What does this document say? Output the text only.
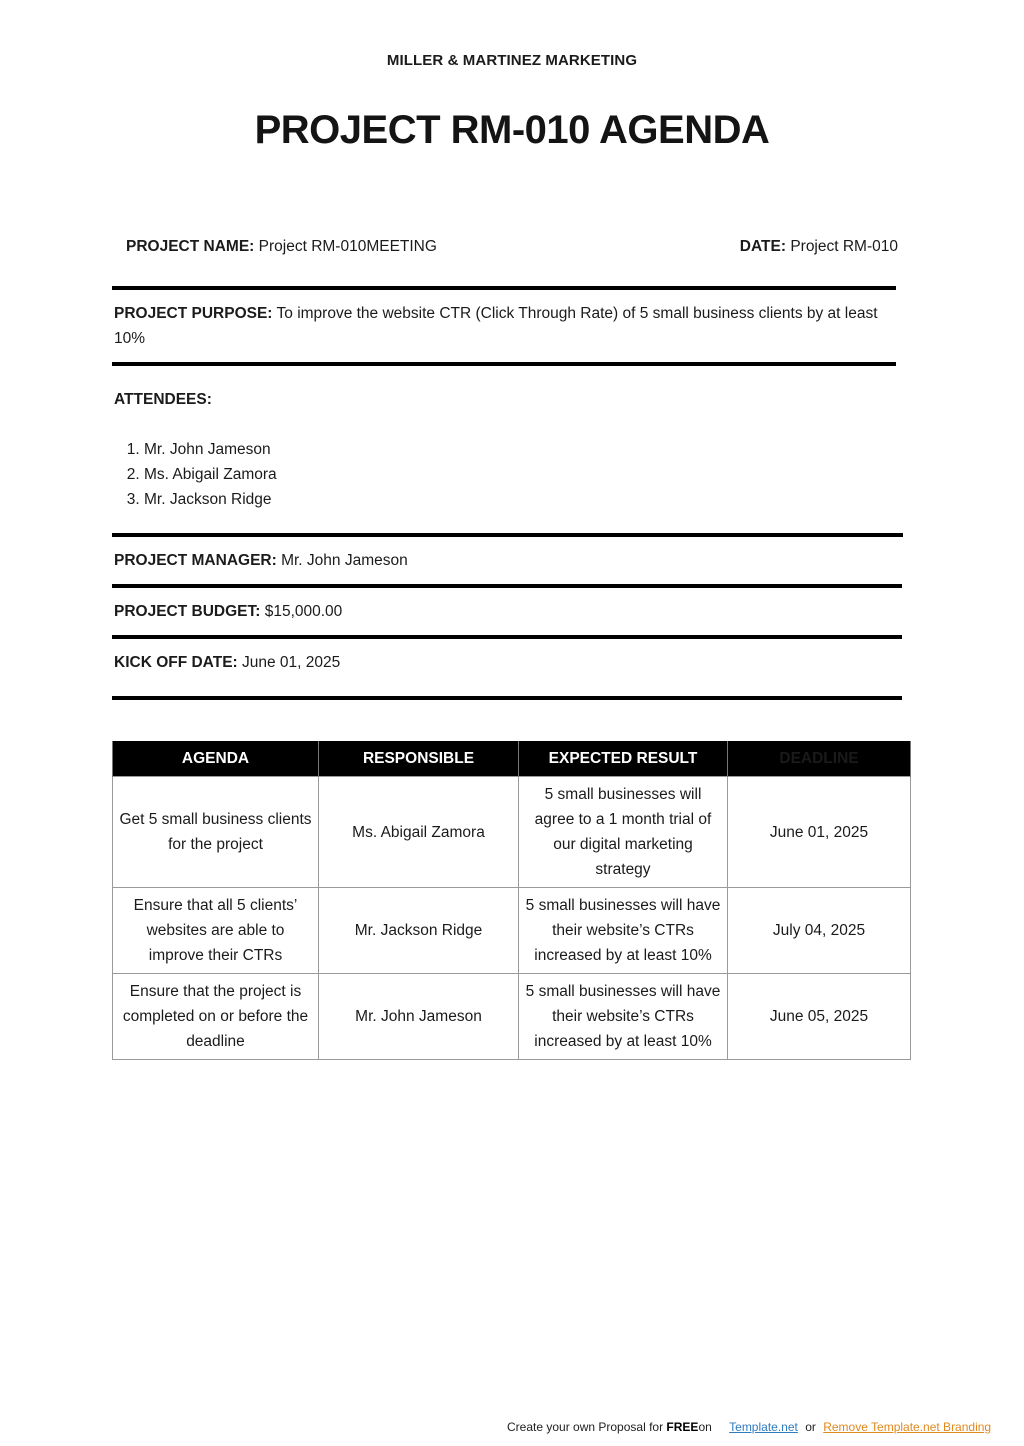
MILLER & MARTINEZ MARKETING
PROJECT RM-010 AGENDA
PROJECT NAME: Project RM-010MEETING	DATE: Project RM-010
PROJECT PURPOSE: To improve the website CTR (Click Through Rate) of 5 small business clients by at least 10%
ATTENDEES:
1. Mr. John Jameson
2. Ms. Abigail Zamora
3. Mr. Jackson Ridge
PROJECT MANAGER: Mr. John Jameson
PROJECT BUDGET: $15,000.00
KICK OFF DATE: June 01, 2025
AGENDA	RESPONSIBLE	EXPECTED RESULT	DEADLINE
Get 5 small business clients for the project	Ms. Abigail Zamora	5 small businesses will agree to a 1 month trial of our digital marketing strategy	June 01, 2025
Ensure that all 5 clients’ websites are able to improve their CTRs	Mr. Jackson Ridge	5 small businesses will have their website’s CTRs increased by at least 10%	July 04, 2025
Ensure that the project is completed on or before the deadline	Mr. John Jameson	5 small businesses will have their website’s CTRs increased by at least 10%	June 05, 2025
Create your own Proposal for FREEon Template.net or Remove Template.net Branding
